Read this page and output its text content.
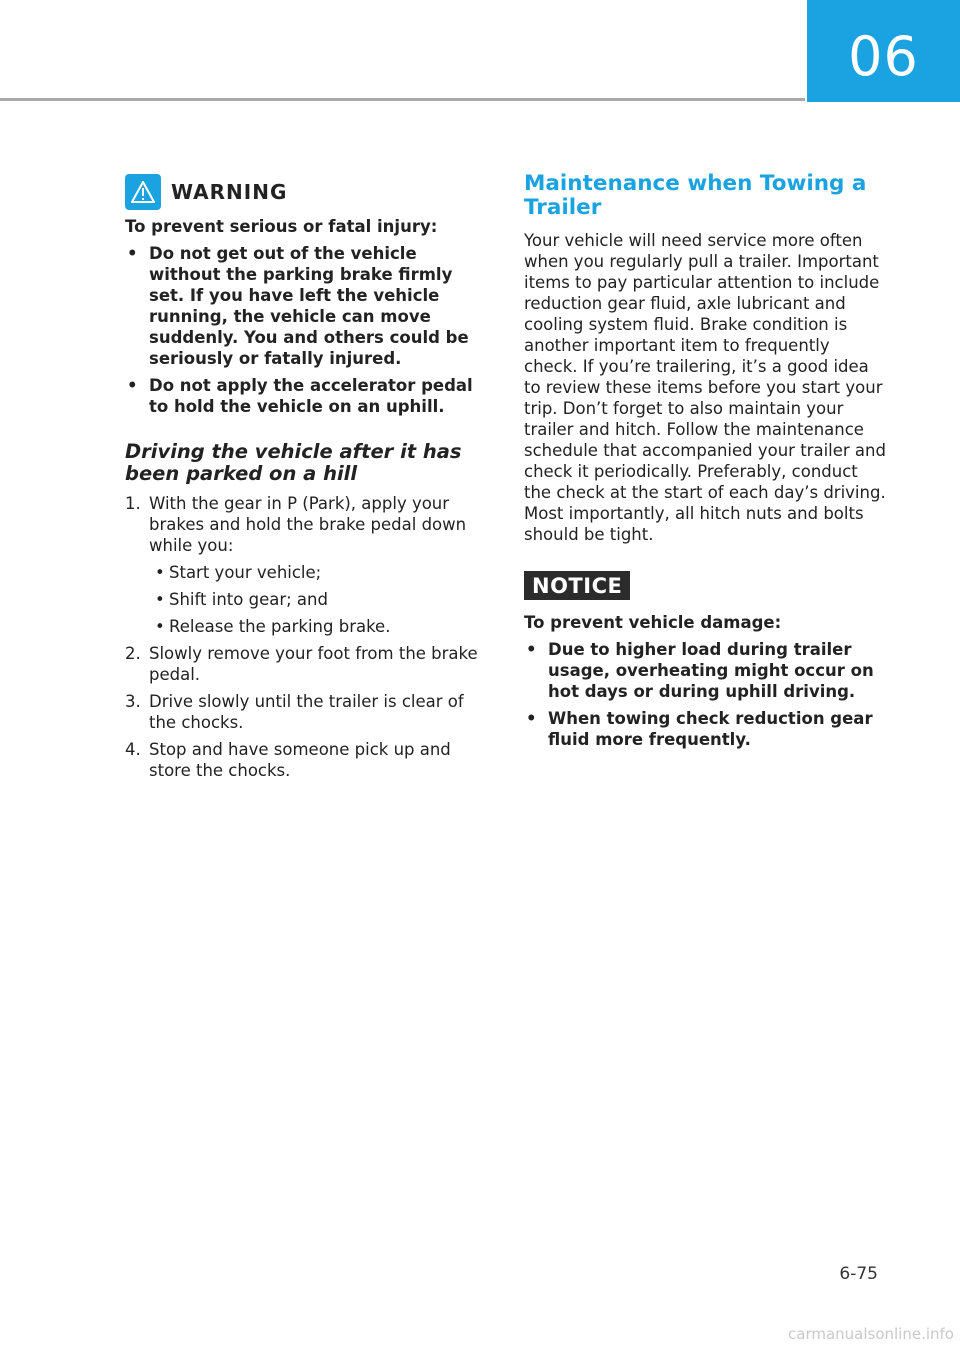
06
WARNING

To prevent serious or fatal injury:

• Do not get out of the vehicle without the parking brake firmly set. If you have left the vehicle running, the vehicle can move suddenly. You and others could be seriously or fatally injured.
• Do not apply the accelerator pedal to hold the vehicle on an uphill.
Driving the vehicle after it has been parked on a hill
1. With the gear in P (Park), apply your brakes and hold the brake pedal down while you:
• Start your vehicle;
• Shift into gear; and
• Release the parking brake.
2. Slowly remove your foot from the brake pedal.
3. Drive slowly until the trailer is clear of the chocks.
4. Stop and have someone pick up and store the chocks.
Maintenance when Towing a Trailer

Your vehicle will need service more often when you regularly pull a trailer. Important items to pay particular attention to include reduction gear fluid, axle lubricant and cooling system fluid. Brake condition is another important item to frequently check. If you’re trailering, it’s a good idea to review these items before you start your trip. Don’t forget to also maintain your trailer and hitch. Follow the maintenance schedule that accompanied your trailer and check it periodically. Preferably, conduct the check at the start of each day’s driving. Most importantly, all hitch nuts and bolts should be tight.

NOTICE

To prevent vehicle damage:

• Due to higher load during trailer usage, overheating might occur on hot days or during uphill driving.
• When towing check reduction gear fluid more frequently.
6-75
carmanualsonline.info
